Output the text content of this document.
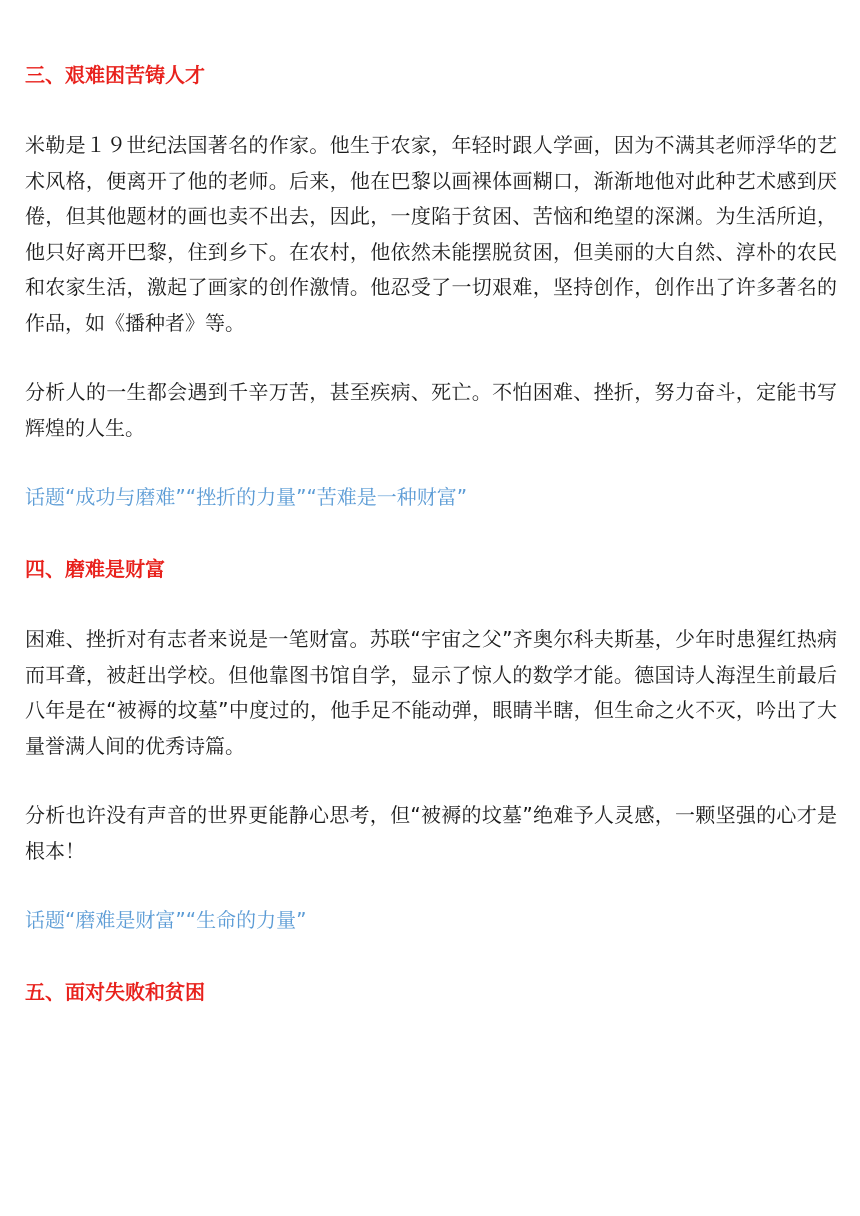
三、艰难困苦铸人才

米勒是１９世纪法国著名的作家。他生于农家，年轻时跟人学画，因为不满其老师浮华的艺术风格，便离开了他的老师。后来，他在巴黎以画裸体画糊口，渐渐地他对此种艺术感到厌倦，但其他题材的画也卖不出去，因此，一度陷于贫困、苦恼和绝望的深渊。为生活所迫，他只好离开巴黎，住到乡下。在农村，他依然未能摆脱贫困，但美丽的大自然、淳朴的农民和农家生活，激起了画家的创作激情。他忍受了一切艰难，坚持创作，创作出了许多著名的作品，如《播种者》等。

分析人的一生都会遇到千辛万苦，甚至疾病、死亡。不怕困难、挫折，努力奋斗，定能书写辉煌的人生。

话题“成功与磨难”“挫折的力量”“苦难是一种财富”

四、磨难是财富

困难、挫折对有志者来说是一笔财富。苏联“宇宙之父”齐奥尔科夫斯基，少年时患猩红热病而耳聋，被赶出学校。但他靠图书馆自学，显示了惊人的数学才能。德国诗人海涅生前最后八年是在“被褥的坟墓”中度过的，他手足不能动弹，眼睛半瞎，但生命之火不灭，吟出了大量誉满人间的优秀诗篇。

分析也许没有声音的世界更能静心思考，但“被褥的坟墓”绝难予人灵感，一颗坚强的心才是根本！

话题“磨难是财富”“生命的力量”

五、面对失败和贫困
